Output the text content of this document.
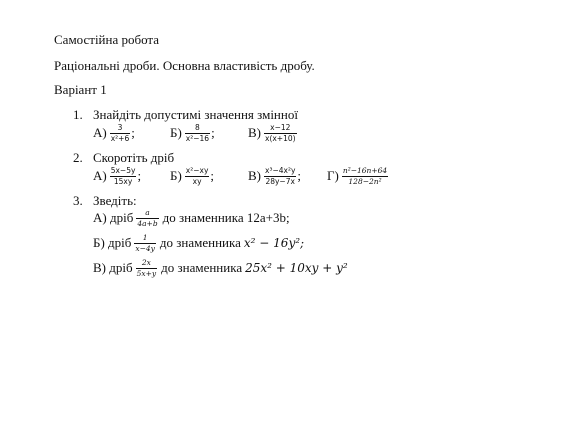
Самостійна робота
Раціональні дроби. Основна властивість дробу.
Варіант 1
1. Знайдіть допустимі значення змінної
$А) \frac{3}{\text{x²+6}}$ ;	$Б) \frac{8}{\text{x²−16}}$ ;	$В) \frac{x-12}{x(x+10)}$
2. Скоротіть дріб
$А) \frac{5x-5y}{15xy}$ ; $Б) \frac{\text{x²−xy}}{xy}$ ;	$В) \frac{\text{x³−4x²y}}{28y-7x}$ ; $Г) \frac{\text{n²−16n+64}}{\text{128−2n²}}$
3. Зведіть:
А) дріб $\frac{a}{4a+b}$ до знаменника 12a+3b;
Б) дріб $\frac{1}{x-4y}$ до знаменника x² − 16y²;
В) дріб $\frac{2x}{5x+y}$ до знаменника 25x² + 10xy + y²
